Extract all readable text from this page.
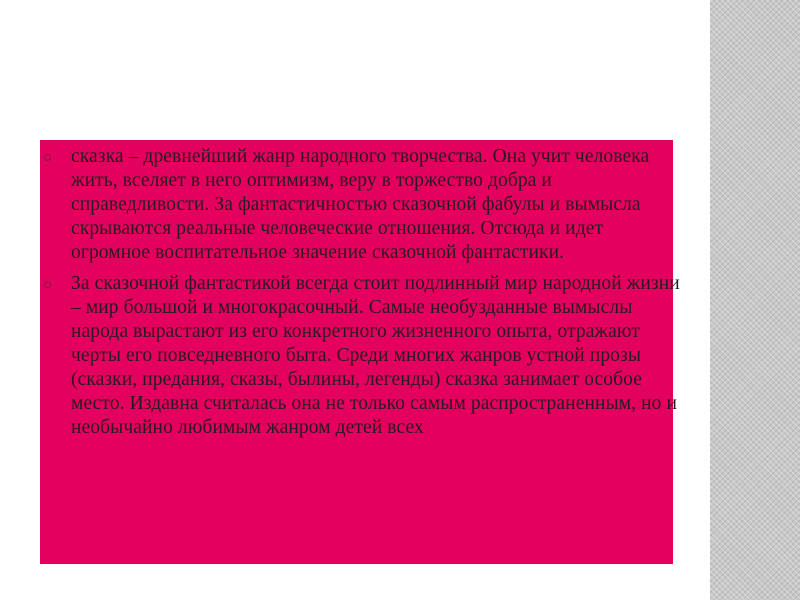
сказка – древнейший жанр народного творчества. Она учит человека жить, вселяет в него оптимизм, веру в торжество добра и справедливости. За фантастичностью сказочной фабулы и вымысла скрываются реальные человеческие отношения. Отсюда и идет огромное воспитательное значение сказочной фантастики.
За сказочной фантастикой всегда стоит подлинный мир народной жизни – мир большой и многокрасочный. Самые необузданные вымыслы народа вырастают из его конкретного жизненного опыта, отражают черты его повседневного быта. Среди многих жанров устной прозы (сказки, предания, сказы, былины, легенды) сказка занимает особое место. Издавна считалась она не только самым распространенным, но и необычайно любимым жанром детей всех
